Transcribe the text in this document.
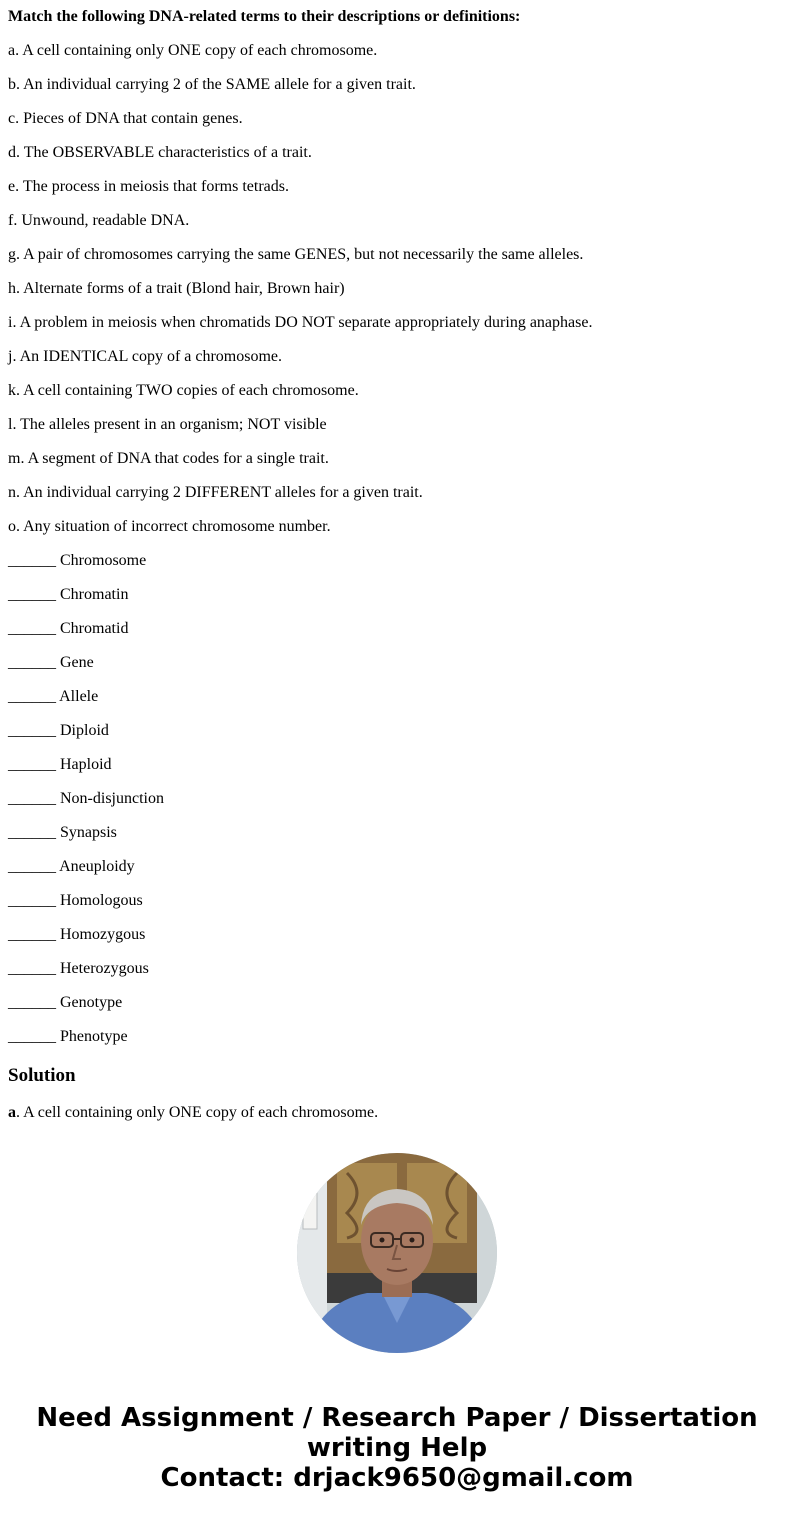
Match the following DNA-related terms to their descriptions or definitions:

a. A cell containing only ONE copy of each chromosome.

b. An individual carrying 2 of the SAME allele for a given trait.

c. Pieces of DNA that contain genes.

d. The OBSERVABLE characteristics of a trait.

e. The process in meiosis that forms tetrads.

f. Unwound, readable DNA.

g. A pair of chromosomes carrying the same GENES, but not necessarily the same alleles.

h. Alternate forms of a trait (Blond hair, Brown hair)

i. A problem in meiosis when chromatids DO NOT separate appropriately during anaphase.

j. An IDENTICAL copy of a chromosome.

k. A cell containing TWO copies of each chromosome.

l. The alleles present in an organism; NOT visible

m. A segment of DNA that codes for a single trait.

n. An individual carrying 2 DIFFERENT alleles for a given trait.

o. Any situation of incorrect chromosome number.

______ Chromosome

______ Chromatin

______ Chromatid

______ Gene

______ Allele

______ Diploid

______ Haploid

______ Non-disjunction

______ Synapsis

______ Aneuploidy

______ Homologous

______ Homozygous

______ Heterozygous

______ Genotype

______ Phenotype

Solution

a. A cell containing only ONE copy of each chromosome.

Need Assignment / Research Paper / Dissertation
writing Help
Contact: drjack9650@gmail.com
